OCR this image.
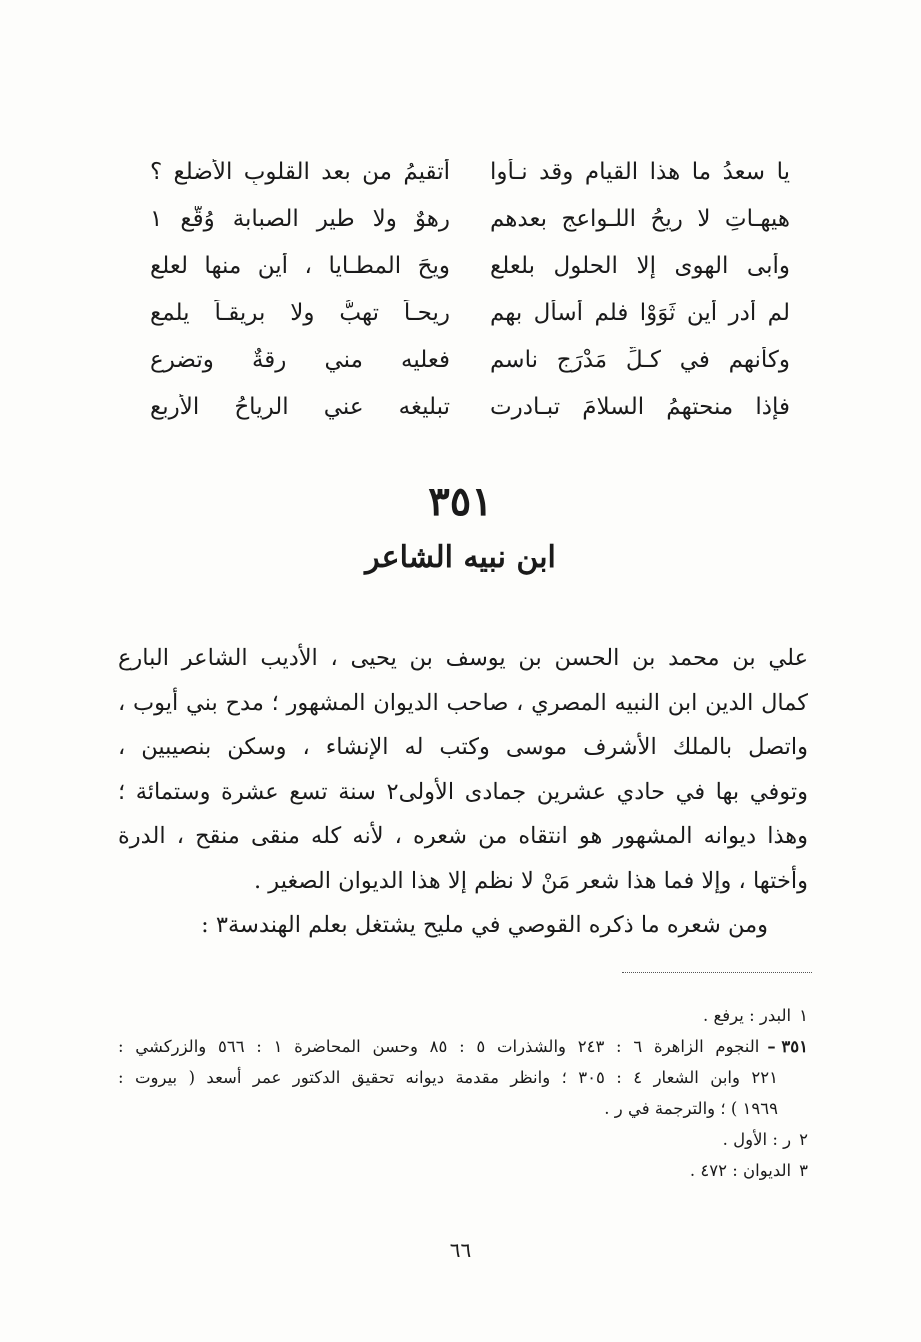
يا سعدُ ما هذا القيام وقد نـأوا
أتقيمُ من بعد القلوبِ الأضلع ؟
هيهـاتِ لا ريحُ اللـواعجِ بعدهم
رهوٌ ولا طير الصبابة وُقَّع ١
وأبى الهوى إلا الحلول بلعلعٍ
ويحَ المطـايا ، أين منها لعلع
لم أدر أين ثَوَوْا فلم أسأل بهم
ريحـاً تهبُّ ولا بريقـاً يلمع
وكأنهم في كـلِّ مَدْرَجِ ناسمٍ
فعليه مني رقةٌ وتضرع
فإذا منحتهمُ السلامَ تبـادرت
تبليغه عني الرياحُ الأربع
٣٥١
ابن نبيه الشاعر
علي بن محمد بن الحسن بن يوسف بن يحيى ، الأديب الشاعر البارع
كمال الدين ابن النبيه المصري ، صاحب الديوان المشهور ؛ مدح بني أيوب ،
واتصل بالملك الأشرف موسى وكتب له الإنشاء ، وسكن بنصيبين ،
وتوفي بها في حادي عشرين جمادى الأولى٢ سنة تسع عشرة وستمائة ؛
وهذا ديوانه المشهور هو انتقاه من شعره ، لأنه كله منقى منقح ، الدرة
وأختها ، وإلا فما هذا شعر مَنْ لا نظم إلا هذا الديوان الصغير .
ومن شعره ما ذكره القوصي في مليح يشتغل بعلم الهندسة٣ :
١البدر : يرفع .
٣٥١ –النجوم الزاهرة ٦ : ٢٤٣ والشذرات ٥ : ٨٥ وحسن المحاضرة ١ : ٥٦٦ والزركشي :
٢٢١ وابن الشعار ٤ : ٣٠٥ ؛ وانظر مقدمة ديوانه تحقيق الدكتور عمر أسعد ( بيروت :
١٩٦٩ ) ؛ والترجمة في ر .
٢ر : الأول .
٣الديوان : ٤٧٢ .
٦٦
